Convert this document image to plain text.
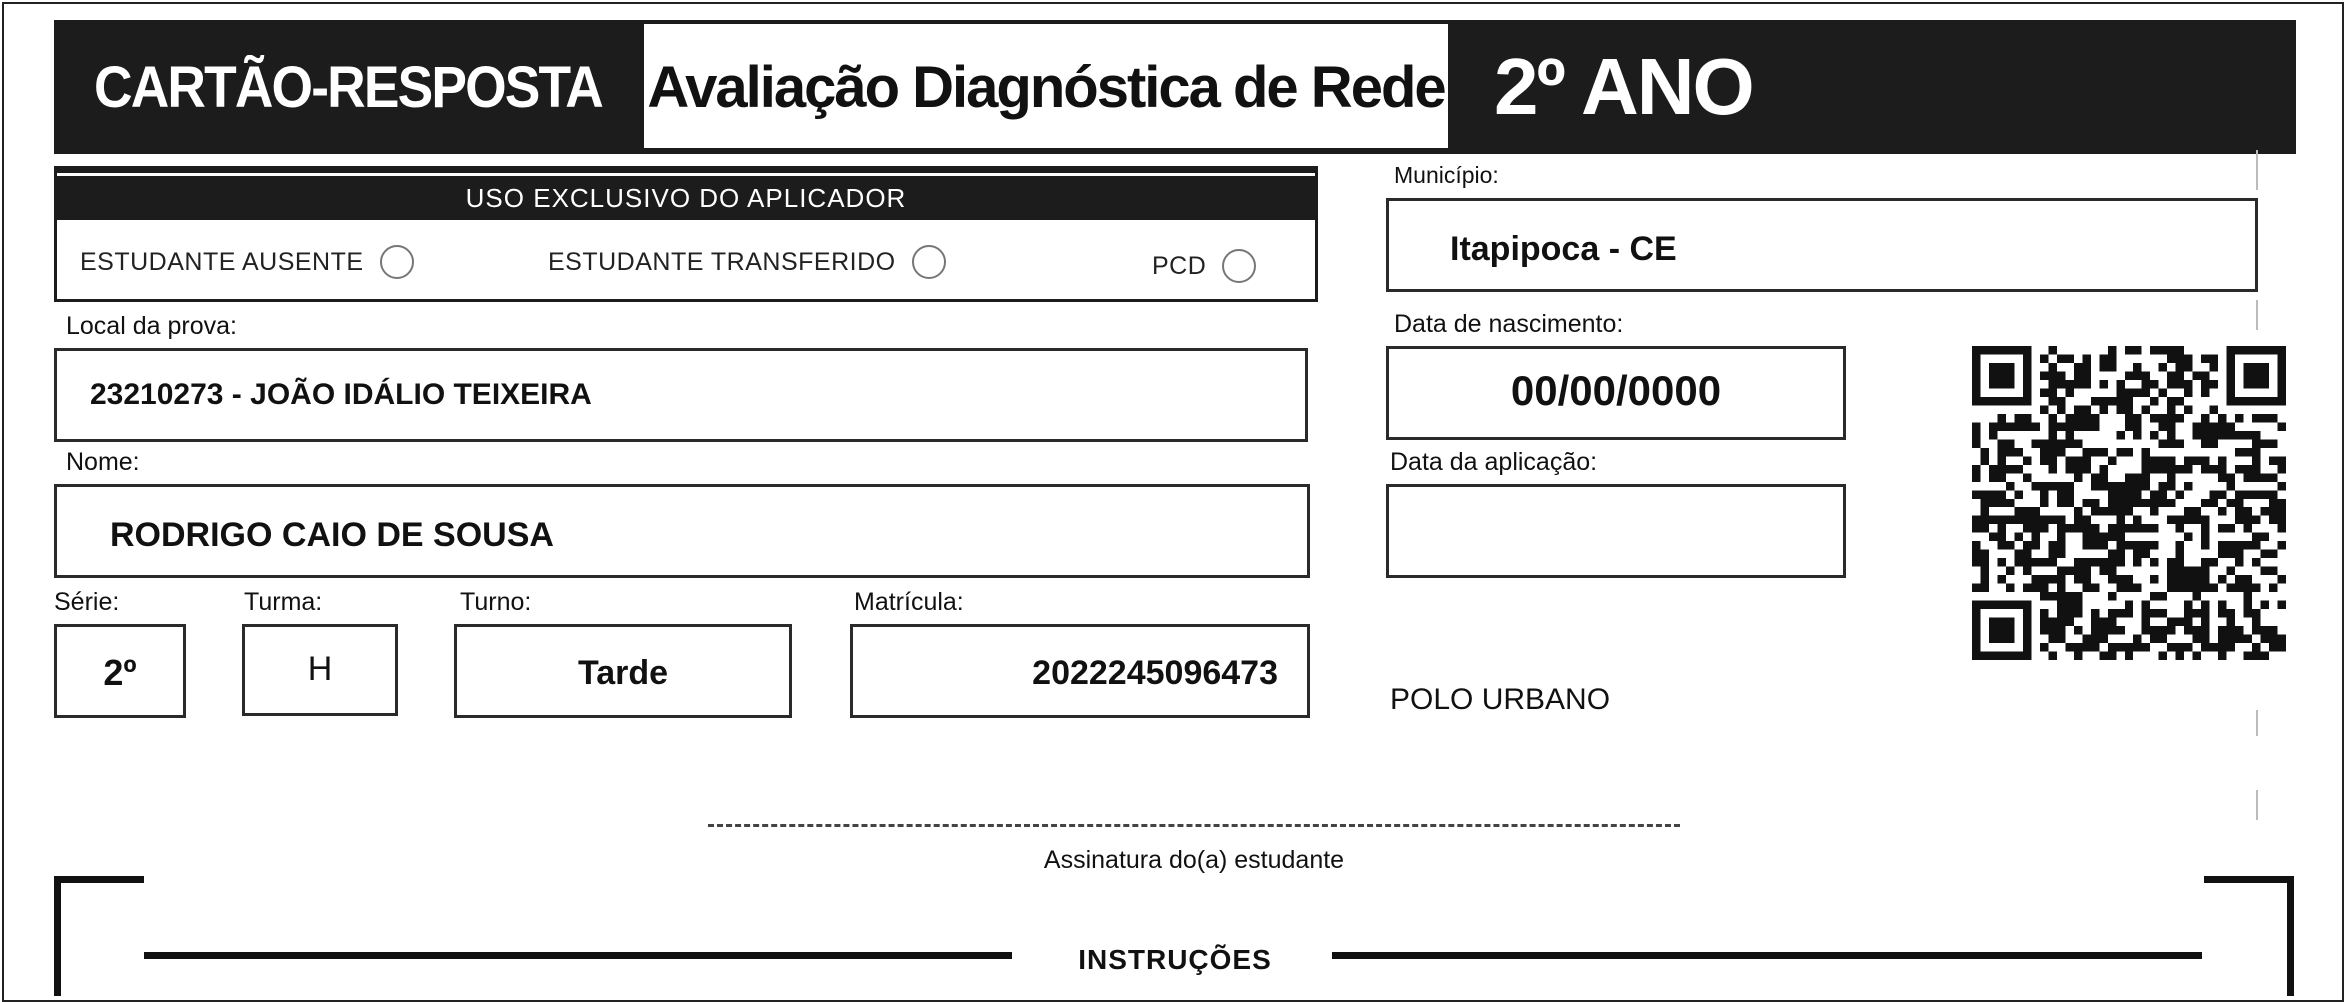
CARTÃO-RESPOSTA Avaliação Diagnóstica de Rede 2º ANO
USO EXCLUSIVO DO APLICADOR
ESTUDANTE AUSENTE	ESTUDANTE TRANSFERIDO	PCD
Local da prova:
23210273 - JOÃO IDÁLIO TEIXEIRA
Nome:
RODRIGO CAIO DE SOUSA
Série:
2º
Turma:
H
Turno:
Tarde
Matrícula:
2022245096473
Município:
Itapipoca - CE
Data de nascimento:
00/00/0000
Data da aplicação:
POLO URBANO
Assinatura do(a) estudante
INSTRUÇÕES
